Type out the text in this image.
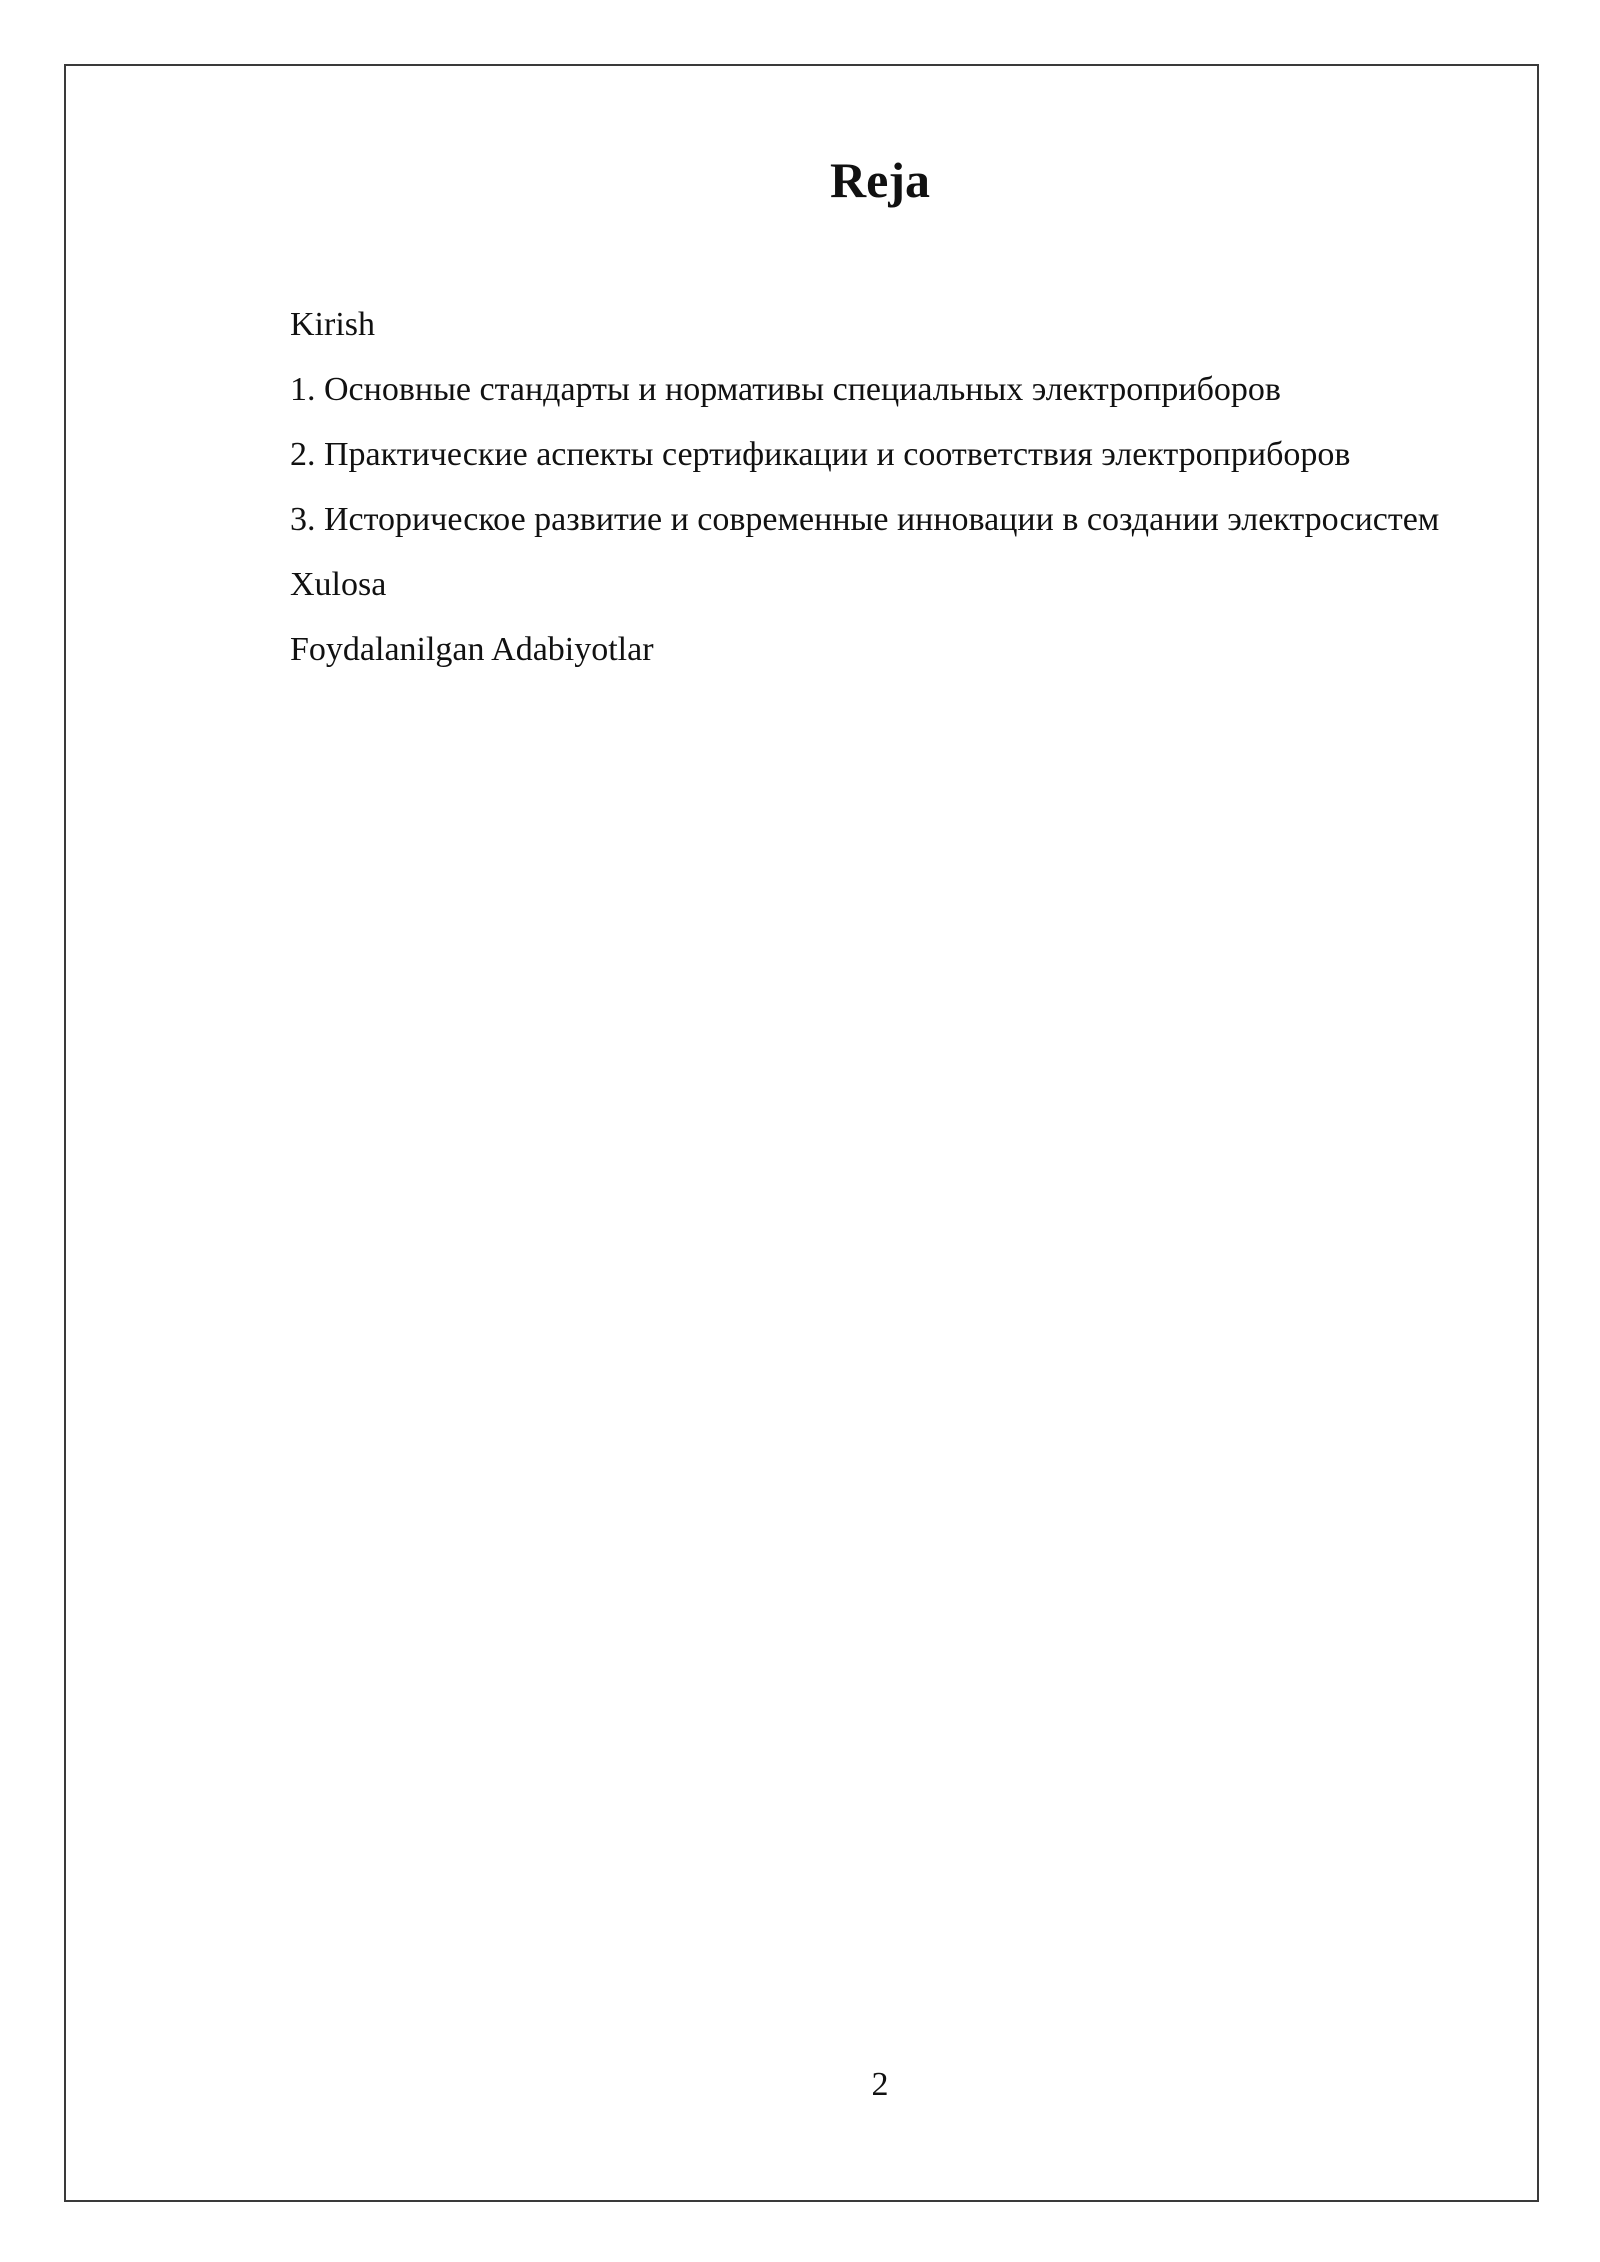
Reja
Kirish
1. Основные стандарты и нормативы специальных электроприборов
2. Практические аспекты сертификации и соответствия электроприборов
3. Историческое развитие и современные инновации в создании электросистем
Xulosa
Foydalanilgan Adabiyotlar
2
